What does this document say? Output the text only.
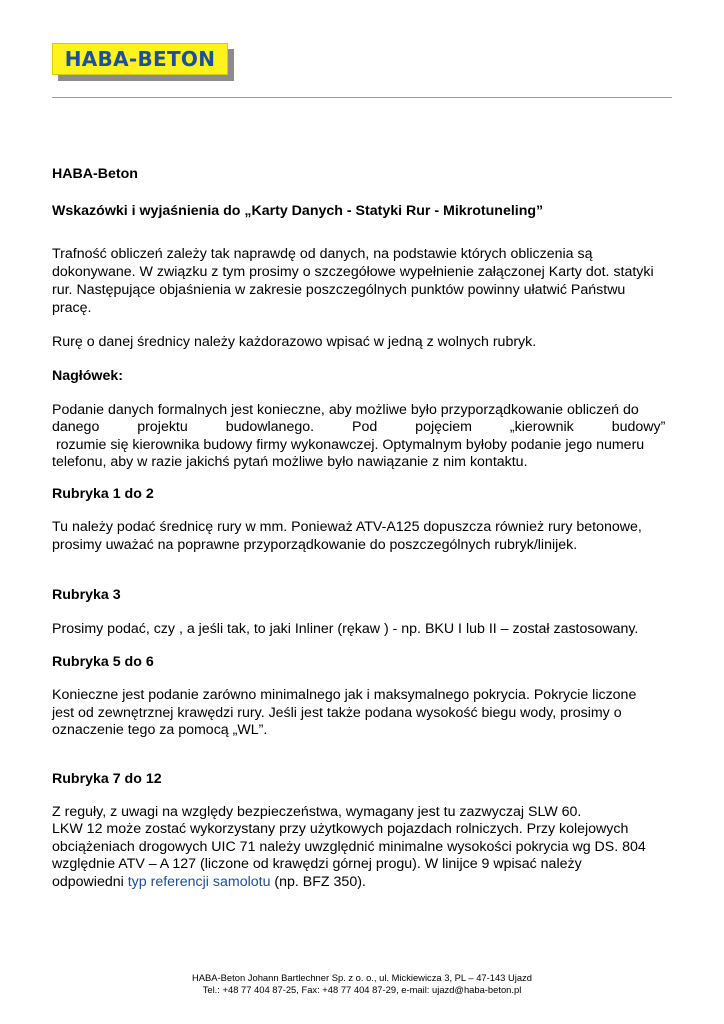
HABA-BETON

HABA-Beton

Wskazówki i wyjaśnienia do „Karty Danych - Statyki Rur - Mikrotuneling”

Trafność obliczeń zależy tak naprawdę od danych, na podstawie których obliczenia są

dokonywane. W związku z tym prosimy o szczegółowe wypełnienie załączonej Karty dot. statyki

rur. Następujące objaśnienia w zakresie poszczególnych punktów powinny ułatwić Państwu

pracę.

Rurę o danej średnicy należy każdorazowo wpisać w jedną z wolnych rubryk.

Nagłówek:

Podanie danych formalnych jest konieczne, aby możliwe było przyporządkowanie obliczeń do

danego projektu budowlanego. Pod pojęciem „kierownik budowy”

rozumie się kierownika budowy firmy wykonawczej. Optymalnym byłoby podanie jego numeru

telefonu, aby w razie jakichś pytań możliwe było nawiązanie z nim kontaktu.

Rubryka 1 do 2

Tu należy podać średnicę rury w mm. Ponieważ ATV-A125 dopuszcza również rury betonowe,

prosimy uważać na poprawne przyporządkowanie do poszczególnych rubryk/linijek.

Rubryka 3

Prosimy podać, czy , a jeśli tak, to jaki Inliner (rękaw ) - np. BKU I lub II – został zastosowany.

Rubryka 5 do 6

Konieczne jest podanie zarówno minimalnego jak i maksymalnego pokrycia. Pokrycie liczone

jest od zewnętrznej krawędzi rury. Jeśli jest także podana wysokość biegu wody, prosimy o

oznaczenie tego za pomocą „WL”.

Rubryka 7 do 12

Z reguły, z uwagi na względy bezpieczeństwa, wymagany jest tu zazwyczaj SLW 60.

LKW 12 może zostać wykorzystany przy użytkowych pojazdach rolniczych. Przy kolejowych

obciążeniach drogowych UIC 71 należy uwzględnić minimalne wysokości pokrycia wg DS. 804

względnie ATV – A 127 (liczone od krawędzi górnej progu). W linijce 9 wpisać należy

odpowiedni typ referencji samolotu (np. BFZ 350).

HABA-Beton Johann Bartlechner Sp. z o. o., ul. Mickiewicza 3, PL – 47-143 Ujazd
Tel.: +48 77 404 87-25, Fax: +48 77 404 87-29, e-mail: ujazd@haba-beton.pl
